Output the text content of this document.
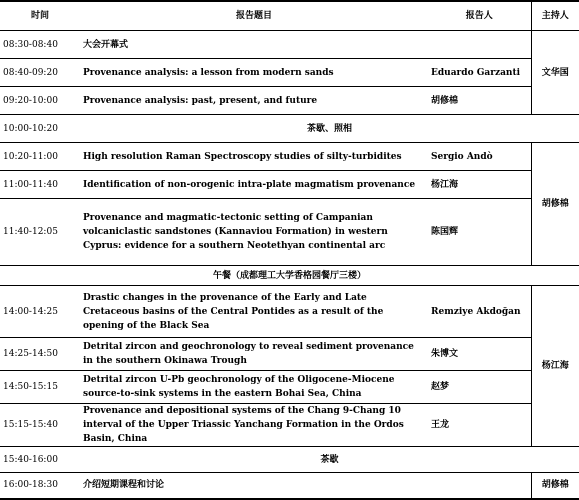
时间	报告题目	报告人	主持人
08:30-08:40	大会开幕式		文华国
08:40-09:20	Provenance analysis: a lesson from modern sands	Eduardo Garzanti	
09:20-10:00	Provenance analysis: past, present, and future	胡修棉	
10:00-10:20	茶歇、照相		
10:20-11:00	High resolution Raman Spectroscopy studies of silty-turbidites	Sergio Andò	胡修棉
11:00-11:40	Identification of non-orogenic intra-plate magmatism provenance	杨江海	
11:40-12:05	Provenance and magmatic-tectonic setting of Campanian volcaniclastic sandstones (Kannaviou Formation) in western Cyprus: evidence for a southern Neotethyan continental arc	陈国辉	
午餐（成都理工大学香格园餐厅三楼）			
14:00-14:25	Drastic changes in the provenance of the Early and Late Cretaceous basins of the Central Pontides as a result of the opening of the Black Sea	Remziye Akdoğan	杨江海
14:25-14:50	Detrital zircon and geochronology to reveal sediment provenance in the southern Okinawa Trough	朱博文	
14:50-15:15	Detrital zircon U-Pb geochronology of the Oligocene-Miocene source-to-sink systems in the eastern Bohai Sea, China	赵梦	
15:15-15:40	Provenance and depositional systems of the Chang 9-Chang 10 interval of the Upper Triassic Yanchang Formation in the Ordos Basin, China	王龙	
15:40-16:00	茶歇		
16:00-18:30	介绍短期课程和讨论		胡修棉
